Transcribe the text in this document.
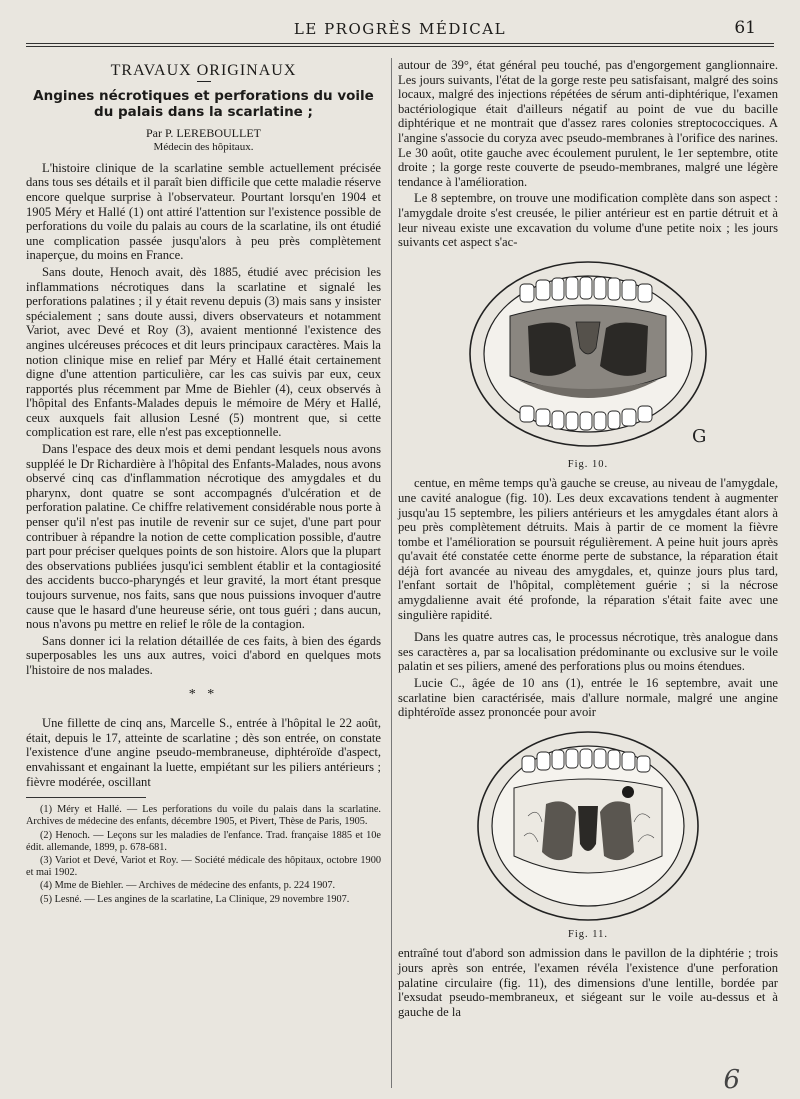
LE PROGRÈS MÉDICAL	61
TRAVAUX ORIGINAUX
Angines nécrotiques et perforations du voile du palais dans la scarlatine ;
Par P. LEREBOULLET
Médecin des hôpitaux.

L'histoire clinique de la scarlatine semble actuellement précisée dans tous ses détails et il paraît bien difficile que cette maladie réserve encore quelque surprise à l'observateur. Pourtant lorsqu'en 1904 et 1905 Méry et Hallé (1) ont attiré l'attention sur l'existence possible de perforations du voile du palais au cours de la scarlatine, ils ont étudié une complication passée jusqu'alors à peu près complètement inaperçue, du moins en France.

Sans doute, Henoch avait, dès 1885, étudié avec précision les inflammations nécrotiques dans la scarlatine et signalé les perforations palatines ; il y était revenu depuis (3) mais sans y insister spécialement ; sans doute aussi, divers observateurs et notamment Variot, avec Devé et Roy (3), avaient mentionné l'existence des angines ulcéreuses précoces et dit leurs principaux caractères. Mais la notion clinique mise en relief par Méry et Hallé était certainement digne d'une attention particulière, car les cas suivis par eux, ceux rapportés plus récemment par Mme de Biehler (4), ceux observés à l'hôpital des Enfants-Malades depuis le mémoire de Méry et Hallé, ceux auxquels fait allusion Lesné (5) montrent que, si cette complication est rare, elle n'est pas exceptionnelle.

Dans l'espace des deux mois et demi pendant lesquels nous avons suppléé le Dr Richardière à l'hôpital des Enfants-Malades, nous avons observé cinq cas d'inflammation nécrotique des amygdales et du pharynx, dont quatre se sont accompagnés d'ulcération et de perforation palatine. Ce chiffre relativement considérable nous porte à penser qu'il n'est pas inutile de revenir sur ce sujet, d'une part pour contribuer à répandre la notion de cette complication possible, d'autre part pour préciser quelques points de son histoire. Alors que la plupart des observations publiées jusqu'ici semblent établir et la contagiosité des accidents bucco-pharyngés et leur gravité, la mort étant presque toujours survenue, nos faits, sans que nous puissions invoquer d'autre cause que le hasard d'une heureuse série, ont tous guéri ; dans aucun, nous n'avons pu mettre en relief le rôle de la contagion.

Sans donner ici la relation détaillée de ces faits, à bien des égards superposables les uns aux autres, voici d'abord en quelques mots l'histoire de nos malades.

* *

Une fillette de cinq ans, Marcelle S., entrée à l'hôpital le 22 août, était, depuis le 17, atteinte de scarlatine ; dès son entrée, on constate l'existence d'une angine pseudo-membraneuse, diphtéroïde d'aspect, envahissant et engainant la luette, empiétant sur les piliers antérieurs ; fièvre modérée, oscillant

(1) Méry et Hallé. — Les perforations du voile du palais dans la scarlatine. Archives de médecine des enfants, décembre 1905, et Pivert, Thèse de Paris, 1905.
(2) Henoch. — Leçons sur les maladies de l'enfance. Trad. française 1885 et 10e édit. allemande, 1899, p. 678-681.
(3) Variot et Devé, Variot et Roy. — Société médicale des hôpitaux, octobre 1900 et mai 1902.
(4) Mme de Biehler. — Archives de médecine des enfants, p. 224 1907.
(5) Lesné. — Les angines de la scarlatine, La Clinique, 29 novembre 1907.

autour de 39°, état général peu touché, pas d'engorgement ganglionnaire. Les jours suivants, l'état de la gorge reste peu satisfaisant, malgré des soins locaux, malgré des injections répétées de sérum anti-diphtérique, l'examen bactériologique était d'ailleurs négatif au point de vue du bacille diphtérique et ne montrait que d'assez rares colonies streptococciques. A l'angine s'associe du coryza avec pseudo-membranes à l'orifice des narines. Le 30 août, otite gauche avec écoulement purulent, le 1er septembre, otite droite ; la gorge reste couverte de pseudo-membranes, malgré une légère tendance à l'amélioration.

Le 8 septembre, on trouve une modification complète dans son aspect : l'amygdale droite s'est creusée, le pilier antérieur est en partie détruit et à leur niveau existe une excavation du volume d'une petite noix ; les jours suivants cet aspect s'ac-

G
Fig. 10.

centue, en même temps qu'à gauche se creuse, au niveau de l'amygdale, une cavité analogue (fig. 10). Les deux excavations tendent à augmenter jusqu'au 15 septembre, les piliers antérieurs et les amygdales étant alors à peu près complètement détruits. Mais à partir de ce moment la fièvre tombe et l'amélioration se poursuit régulièrement. A peine huit jours après qu'avait été constatée cette énorme perte de substance, la réparation était déjà fort avancée au niveau des amygdales, et, quinze jours plus tard, l'enfant sortait de l'hôpital, complètement guérie ; si la nécrose amygdalienne avait été profonde, la réparation s'était faite avec une singulière rapidité.

Dans les quatre autres cas, le processus nécrotique, très analogue dans ses caractères a, par sa localisation prédominante ou exclusive sur le voile palatin et ses piliers, amené des perforations plus ou moins étendues.

Lucie C., âgée de 10 ans (1), entrée le 16 septembre, avait une scarlatine bien caractérisée, mais d'allure normale, malgré une angine diphtéroïde assez prononcée pour avoir

Fig. 11.

entraîné tout d'abord son admission dans le pavillon de la diphtérie ; trois jours après son entrée, l'examen révéla l'existence d'une perforation palatine circulaire (fig. 11), des dimensions d'une lentille, bordée par l'exsudat pseudo-membraneux, et siégeant sur le voile au-dessus et à gauche de la

6
